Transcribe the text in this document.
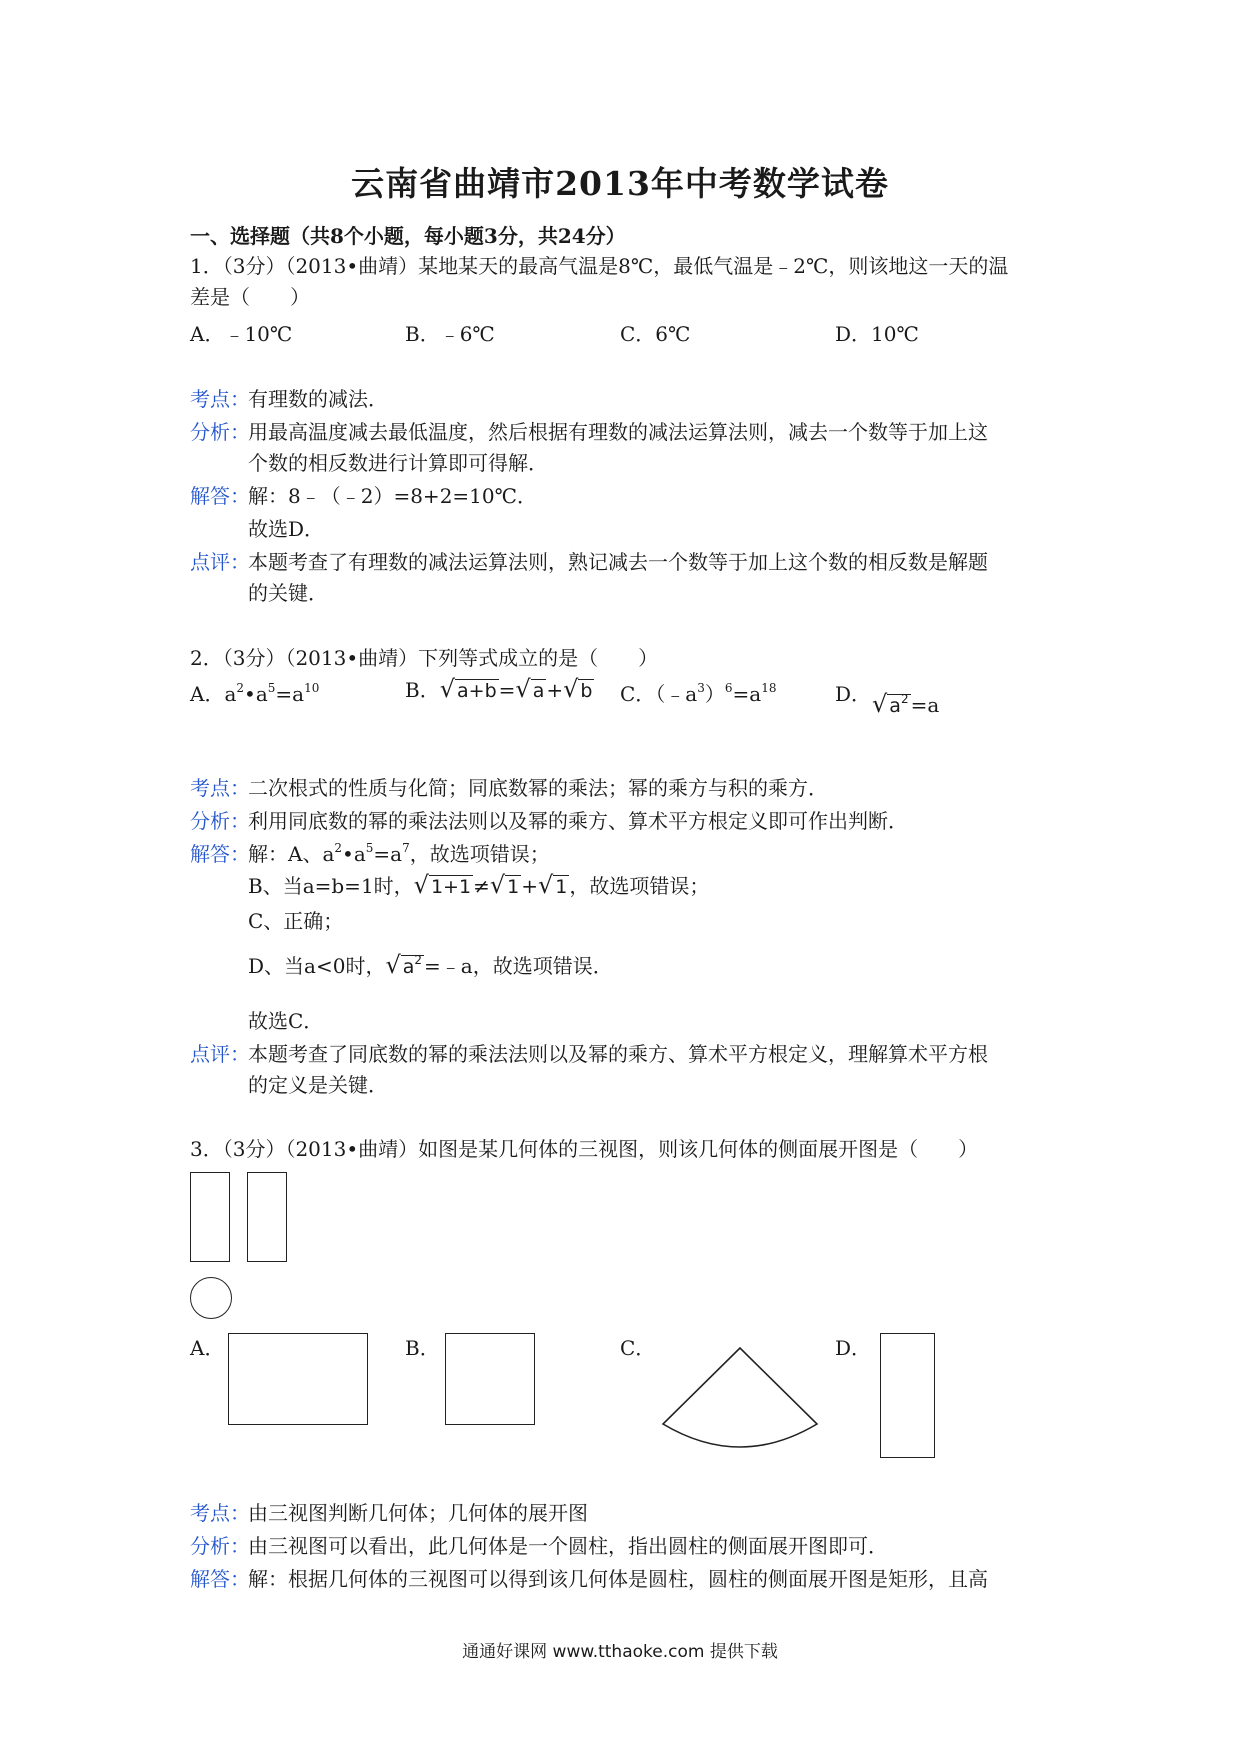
云南省曲靖市2013年中考数学试卷
一、选择题（共8个小题，每小题3分，共24分）
1．（3分）（2013•曲靖）某地某天的最高气温是8℃，最低气温是﹣2℃，则该地这一天的温
差是（　　）
A．﹣10℃	B．﹣6℃	C．6℃	D．10℃
考点：
有理数的减法．
分析：
用最高温度减去最低温度，然后根据有理数的减法运算法则，减去一个数等于加上这
个数的相反数进行计算即可得解．
解答：
解：8﹣（﹣2）=8+2=10℃．
故选D．
点评：
本题考查了有理数的减法运算法则，熟记减去一个数等于加上这个数的相反数是解题
的关键．
2．（3分）（2013•曲靖）下列等式成立的是（　　）
A．$a^2•a^5=a^{10}$	B．√ a+b =√ a +√ b C．$(﹣a^3)^6=a^{18}$	D． √ $a^2 =a$
考点：
二次根式的性质与化简；同底数幂的乘法；幂的乘方与积的乘方．
分析：
利用同底数的幂的乘法法则以及幂的乘方、算术平方根定义即可作出判断．
解答：
解：A、$a^2•a^5=a^7$，故选项错误；
B、当a=b=1时，√ 1+1 ≠√ 1 +√ 1 ，故选项错误；
C、正确；
D、当a<0时，√ $a^2$ =﹣a，故选项错误．
故选C．
点评：
本题考查了同底数的幂的乘法法则以及幂的乘方、算术平方根定义，理解算术平方根
的定义是关键．
3．（3分）（2013•曲靖）如图是某几何体的三视图，则该几何体的侧面展开图是（　　）
A．	B．	C．	D．
考点：
由三视图判断几何体；几何体的展开图
分析：
由三视图可以看出，此几何体是一个圆柱，指出圆柱的侧面展开图即可．
解答：
解：根据几何体的三视图可以得到该几何体是圆柱，圆柱的侧面展开图是矩形，且高
通通好课网 www.tthaoke.com 提供下载
